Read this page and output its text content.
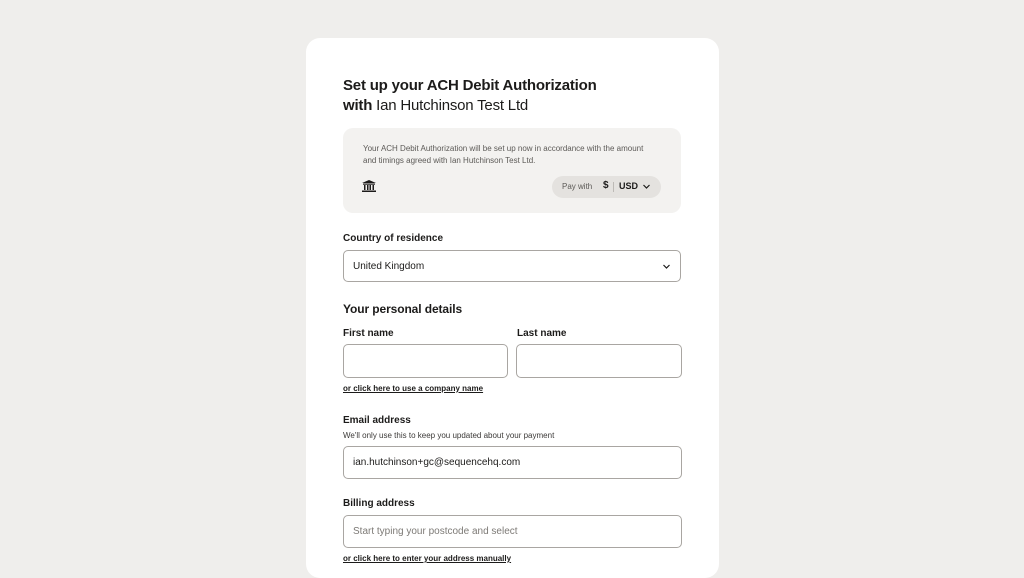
Set up your ACH Debit Authorization
with Ian Hutchinson Test Ltd
Your ACH Debit Authorization will be set up now in accordance with the amount and timings agreed with Ian Hutchinson Test Ltd.
Pay with $ USD
Country of residence
United Kingdom
Your personal details
First name	Last name
or click here to use a company name
Email address
We'll only use this to keep you updated about your payment
ian.hutchinson+gc@sequencehq.com
Billing address
Start typing your postcode and select
or click here to enter your address manually
